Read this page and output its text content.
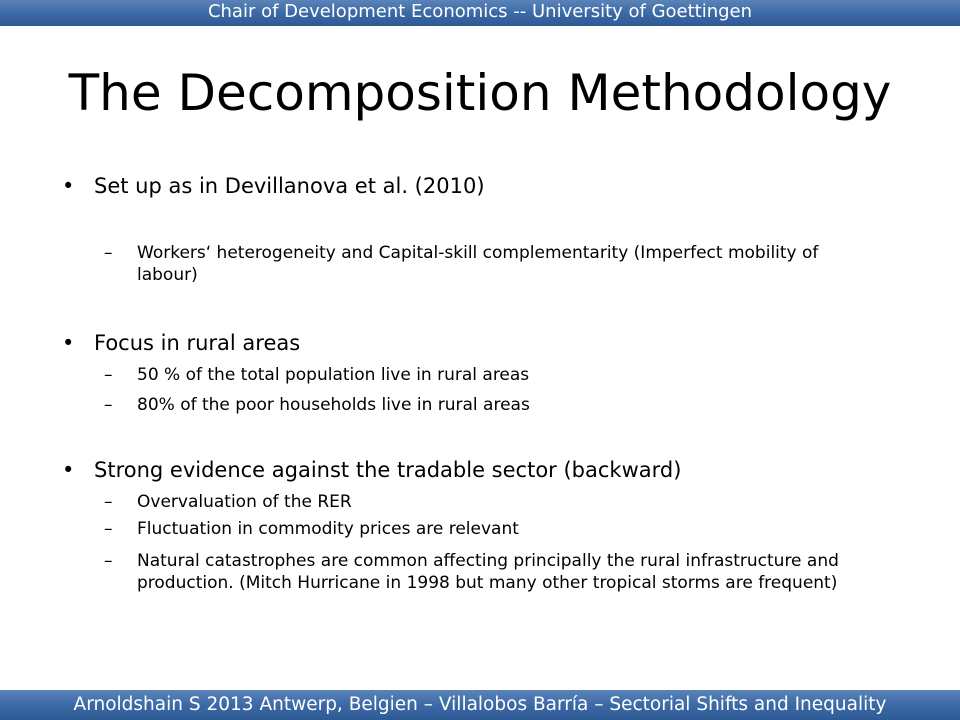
Chair of Development Economics -- University of Goettingen
The Decomposition Methodology
• Set up as in Devillanova et al. (2010)
– Workers‘ heterogeneity and Capital-skill complementarity (Imperfect mobility of labour)
• Focus in rural areas
– 50 % of the total population live in rural areas
– 80% of the poor households live in rural areas
• Strong evidence against the tradable sector (backward)
– Overvaluation of the RER
– Fluctuation in commodity prices are relevant
– Natural catastrophes are common affecting principally the rural infrastructure and production. (Mitch Hurricane in 1998 but many other tropical storms are frequent)
Arnoldshain S 2013 Antwerp, Belgien – Villalobos Barría – Sectorial Shifts and Inequality
